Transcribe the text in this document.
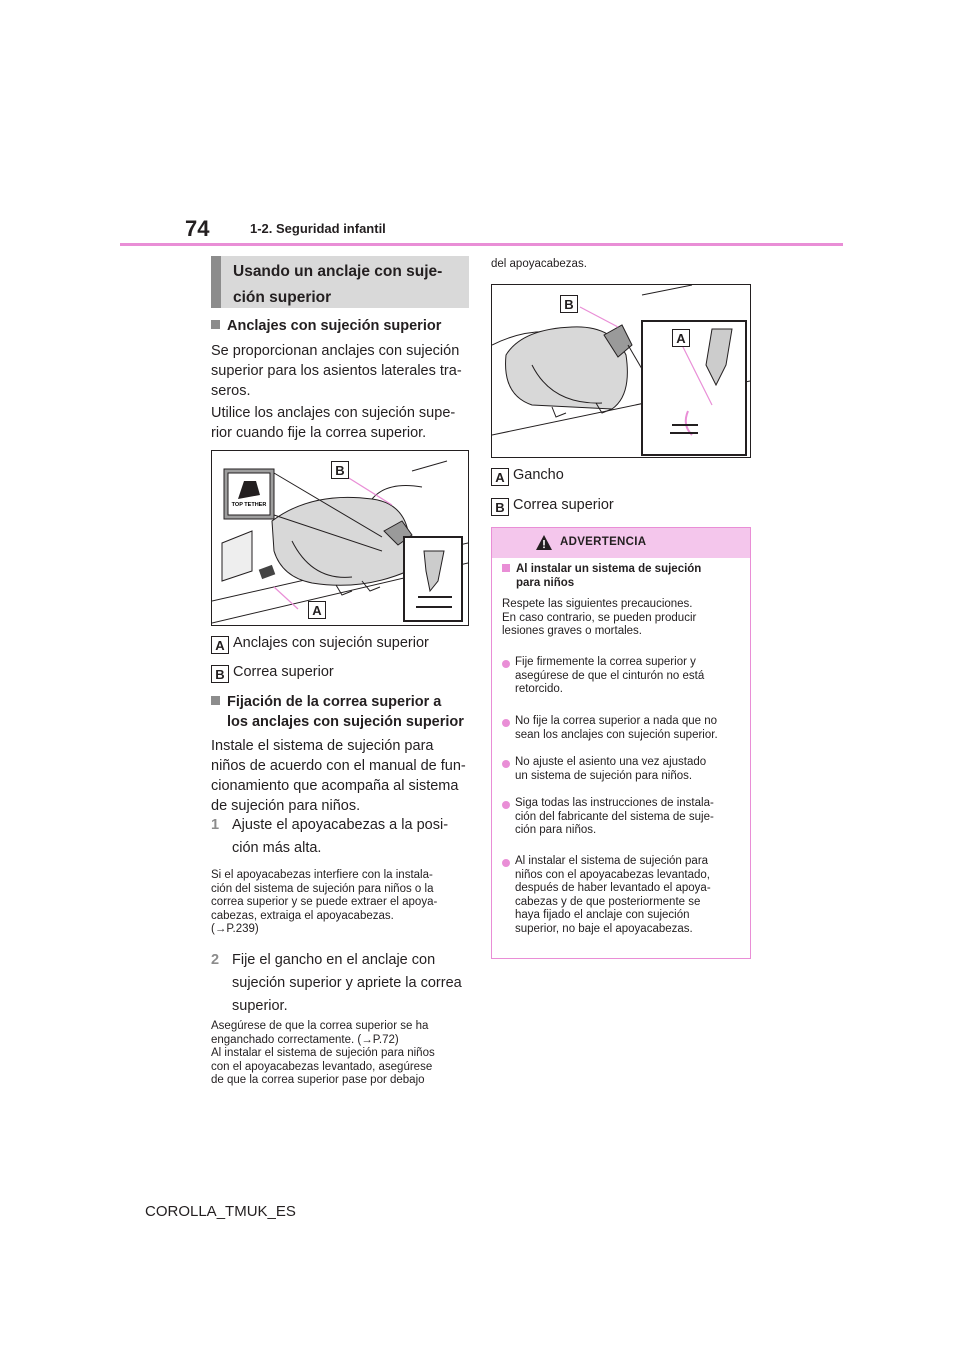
74	1-2. Seguridad infantil
Usando un anclaje con suje-
ción superior
Anclajes con sujeción superior
Se proporcionan anclajes con sujeción
superior para los asientos laterales tra-
seros.
Utilice los anclajes con sujeción supe-
rior cuando fije la correa superior.
TOP TETHER
B
A
A Anclajes con sujeción superior
B Correa superior
Fijación de la correa superior a
los anclajes con sujeción superior
Instale el sistema de sujeción para
niños de acuerdo con el manual de fun-
cionamiento que acompaña al sistema
de sujeción para niños.
1 Ajuste el apoyacabezas a la posi-
ción más alta.
Si el apoyacabezas interfiere con la instala-
ción del sistema de sujeción para niños o la
correa superior y se puede extraer el apoya-
cabezas, extraiga el apoyacabezas.
(→P.239)
2 Fije el gancho en el anclaje con
sujeción superior y apriete la correa
superior.
Asegúrese de que la correa superior se ha
enganchado correctamente. (→P.72)
Al instalar el sistema de sujeción para niños
con el apoyacabezas levantado, asegúrese
de que la correa superior pase por debajo
del apoyacabezas.
B
A
A Gancho
B Correa superior
ADVERTENCIA
Al instalar un sistema de sujeción
para niños
Respete las siguientes precauciones.
En caso contrario, se pueden producir
lesiones graves o mortales.
Fije firmemente la correa superior y
asegúrese de que el cinturón no está
retorcido.
No fije la correa superior a nada que no
sean los anclajes con sujeción superior.
No ajuste el asiento una vez ajustado
un sistema de sujeción para niños.
Siga todas las instrucciones de instala-
ción del fabricante del sistema de suje-
ción para niños.
Al instalar el sistema de sujeción para
niños con el apoyacabezas levantado,
después de haber levantado el apoya-
cabezas y de que posteriormente se
haya fijado el anclaje con sujeción
superior, no baje el apoyacabezas.
COROLLA_TMUK_ES
